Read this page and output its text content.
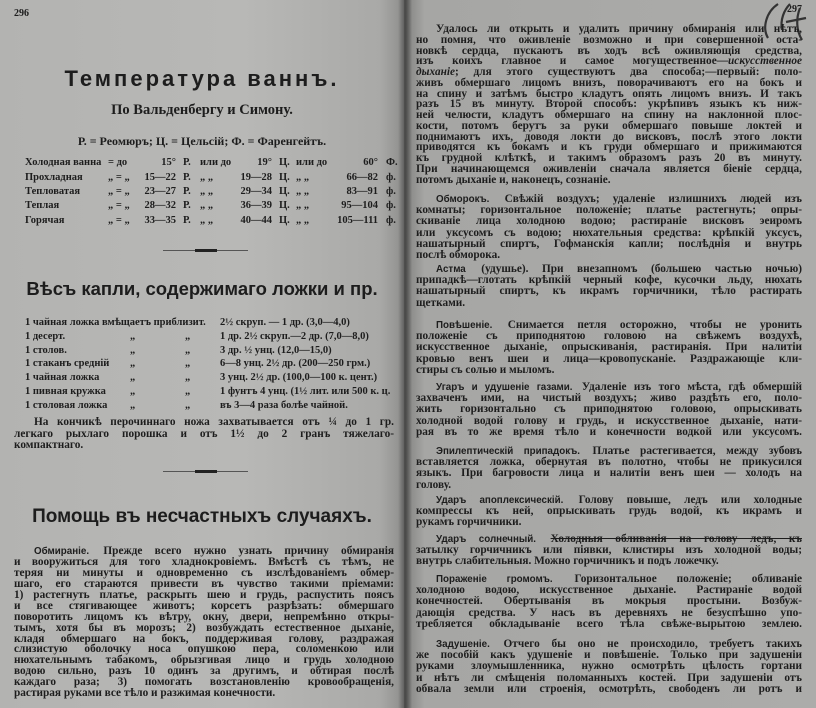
296
Температура ваннъ.
По Вальденбергу и Симону.
Р. = Реомюръ; Ц. = Цельсій; Ф. = Фаренгейтъ.
Холодная ванна = до	15° Р. или до 19° Ц. или до	60° Ф.
Прохладная „ = „ 15—22 Р. „ „	19—28 Ц. „ „	66—82 ф.
Тепловатая	„ = „ 23—27 Р. „ „	29—34 Ц. „ „	83—91 ф.
Теплая	„ = „ 28—32 Р. „ „	36—39 Ц. „ „	95—104 ф.
Горячая	„ = „ 33—35 Р. „ „	40—44 Ц. „ „	105—111 ф.
Вѣсъ капли, содержимаго ложки и пр.
1 чайная ложка вмѣщаетъ приблизит. 2½ скруп. — 1 др. (3,0—4,0)
1 десерт.	„	„	1 др. 2½ скруп.—2 др. (7,0—8,0)
1 столов.	„	„	3 др. ½ унц. (12,0—15,0)
1 стаканъ средній „	„	6—8 унц. 2½ др. (200—250 грм.)
1 чайная ложка	„	„	3 унц. 2½ др. (100,0—100 к. цент.)
1 пивная кружка „	„	1 фунтъ 4 унц. (1½ лит. или 500 к. ц.
1 столовая ложка „	„	въ 3—4 раза болѣе чайной.
На кончикѣ перочиннаго ножа захватывается отъ ¼ до 1 гр.
легкаго рыхлаго порошка и отъ 1½ до 2 гранъ тяжелаго-
компактнаго.
Помощь въ несчастныхъ случаяхъ.
Обмираніе. Прежде всего нужно узнать причину обмиранія
и вооружиться для того хладнокровіемъ. Вмѣстѣ съ тѣмъ, не
теряя ни минуты и одновременно съ изслѣдованіемъ обмер-
шаго, его стараются привести въ чувство такими пріемами:
1) растегнуть платье, раскрыть шею и грудь, распустить поясъ
и все стягивающее животъ; корсетъ разрѣзать: обмершаго
поворотить лицомъ къ вѣтру, окну, двери, непремѣнно откры-
тымъ, хотя бы въ морозъ; 2) возбуждать естественное дыханіе,
кладя обмершаго на бокъ, поддерживая голову, раздражая
слизистую оболочку носа опушкою пера, соломенкою или
нюхательнымъ табакомъ, обрызгивая лицо и грудь холодною
водою сильно, разъ 10 одинъ за другимъ, и обтирая послѣ
каждаго раза; 3) помогать возстановленію кровообращенія,
растирая руками все тѣло и разжимая конечности.
297
Удалось ли открыть и удалить причину обмиранія или нѣтъ,
но помня, что оживленіе возможно и при совершенной оста-
новкѣ сердца, пускаютъ въ ходъ всѣ оживляющія средства,
изъ коихъ главное и самое могущественное—искусственное
дыханіе; для этого существуютъ два способа;—первый: поло-
живъ обмершаго лицомъ внизъ, поворачиваютъ его на бокъ и
на спину и затѣмъ быстро кладутъ опять лицомъ внизъ. И такъ
разъ 15 въ минуту. Второй способъ: укрѣпивъ языкъ къ ниж-
ней челюсти, кладутъ обмершаго на спину на наклонной плос-
кости, потомъ берутъ за руки обмершаго повыше локтей и
поднимаютъ ихъ, доводя локти до висковъ, послѣ этого локти
приводятся къ бокамъ и къ груди обмершаго и прижимаются
къ грудной клѣткѣ, и такимъ образомъ разъ 20 въ минуту.
При начинающемся оживленіи сначала является біеніе сердца,
потомъ дыханіе и, наконецъ, сознаніе.
Обморокъ. Свѣжій воздухъ; удаленіе излишнихъ людей изъ
комнаты; горизонтальное положеніе; платье растегнуть; опры-
скиваніе лица холодною водою; растираніе висковъ эеиромъ
или уксусомъ съ водою; нюхательныя средства: крѣпкій уксусъ,
нашатырный спиртъ, Гофманскія капли; послѣднія и внутрь
послѣ обморока.
Астма (удушье). При внезапномъ (большею частью ночью)
припадкѣ—глотать крѣпкій черный кофе, кусочки льду, нюхать
нашатырный спиртъ, къ икрамъ горчичники, тѣло растирать
щетками.
Повѣшеніе. Снимается петля осторожно, чтобы не уронить
положеніе съ приподнятою головою на свѣжемъ воздухѣ,
искусственное дыханіе, опрыскиванія, растиранія. При налитіи
кровью венъ шеи и лица—кровопусканіе. Раздражающіе кли-
стиры съ солью и мыломъ.
Угаръ и удушеніе газами. Удаленіе изъ того мѣста, гдѣ обмершій
захваченъ ими, на чистый воздухъ; живо раздѣть его, поло-
жить горизонтально съ приподнятою головою, опрыскивать
холодной водой голову и грудь, и искусственное дыханіе, нати-
рая въ то же время тѣло и конечности водкой или уксусомъ.
Эпилептическій припадокъ. Платье растегивается, между зубовъ
вставляется ложка, обернутая въ полотно, чтобы не прикусился
языкъ. При багровости лица и налитіи венъ шеи — холодъ на
голову.
Ударъ апоплексическій. Голову повыше, ледъ или холодные
компрессы къ ней, опрыскивать грудь водой, къ икрамъ и
рукамъ горчичники.
Ударъ солнечный. Холодныя обливанія на голову ледъ, къ
затылку горчичникъ или піявки, клистиры изъ холодной воды;
внутрь слабительныя. Можно горчичникъ и подъ ложечку.
Пораженіе громомъ. Горизонтальное положеніе; обливаніе
холодною водою, искусственное дыханіе. Растираніе водой
конечностей. Обертыванія въ мокрыя простыни. Возбуж-
дающія средства. У насъ въ деревняхъ не безуспѣшно упо-
требляется обкладываніе всего тѣла свѣже-вырытою землею.
Задушеніе. Отчего бы оно не происходило, требуетъ такихъ
же пособій какъ удушеніе и повѣшеніе. Только при задушеніи
руками злоумышленника, нужно осмотрѣть цѣлость гортани
и нѣтъ ли смѣщенія поломанныхъ костей. При задушеніи отъ
обвала земли или строенія, осмотрѣть, свободенъ ли ротъ и
